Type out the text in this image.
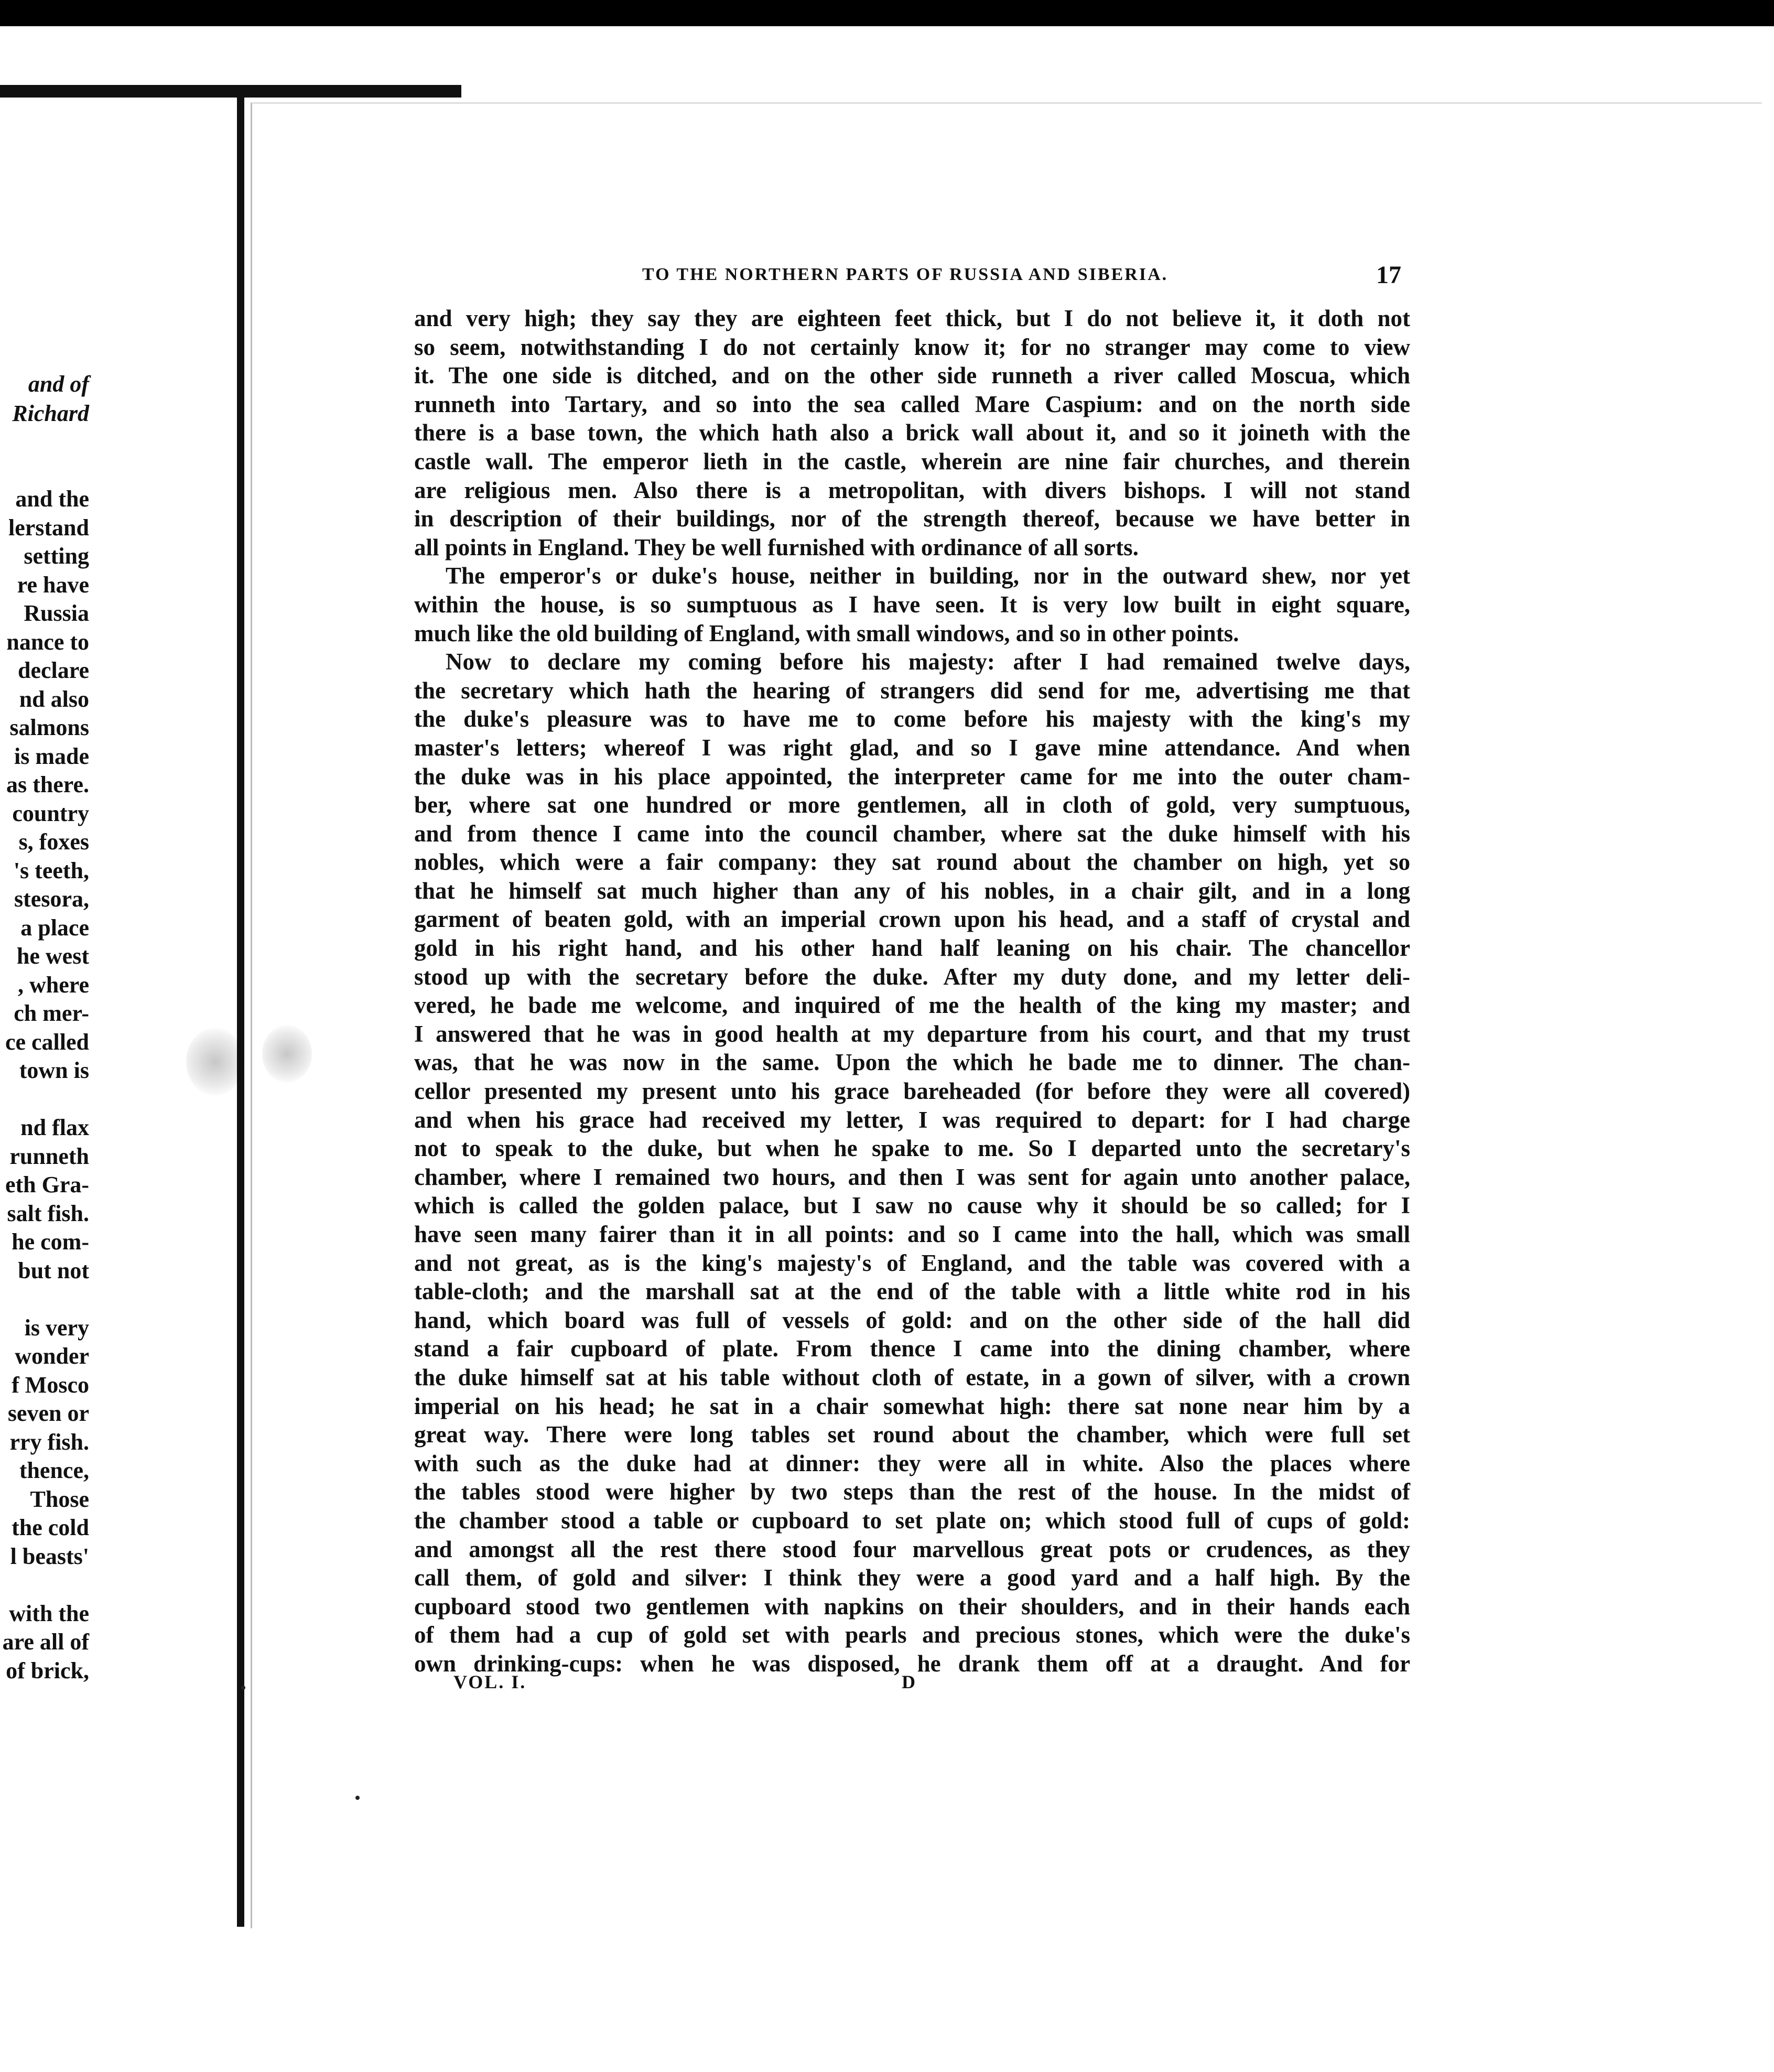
and of
Richard
and the
lerstand
setting
re have
Russia
nance to
declare
nd also
salmons
is made
as there.
country
s, foxes
's teeth,
stesora,
a place
he west
, where
ch mer-
ce called
town is

nd flax
runneth
eth Gra-
salt fish.
he com-
but not

is very
wonder
f Mosco
seven or
rry fish.
thence,
Those
the cold
l beasts'

with the
are all of
of brick,
TO THE NORTHERN PARTS OF RUSSIA AND SIBERIA.	17
and very high; they say they are eighteen feet thick, but I do not believe it, it doth not
so seem, notwithstanding I do not certainly know it; for no stranger may come to view
it. The one side is ditched, and on the other side runneth a river called Moscua, which
runneth into Tartary, and so into the sea called Mare Caspium: and on the north side
there is a base town, the which hath also a brick wall about it, and so it joineth with the
castle wall. The emperor lieth in the castle, wherein are nine fair churches, and therein
are religious men. Also there is a metropolitan, with divers bishops. I will not stand
in description of their buildings, nor of the strength thereof, because we have better in
all points in England. They be well furnished with ordinance of all sorts.
The emperor's or duke's house, neither in building, nor in the outward shew, nor yet
within the house, is so sumptuous as I have seen. It is very low built in eight square,
much like the old building of England, with small windows, and so in other points.
Now to declare my coming before his majesty: after I had remained twelve days,
the secretary which hath the hearing of strangers did send for me, advertising me that
the duke's pleasure was to have me to come before his majesty with the king's my
master's letters; whereof I was right glad, and so I gave mine attendance. And when
the duke was in his place appointed, the interpreter came for me into the outer cham-
ber, where sat one hundred or more gentlemen, all in cloth of gold, very sumptuous,
and from thence I came into the council chamber, where sat the duke himself with his
nobles, which were a fair company: they sat round about the chamber on high, yet so
that he himself sat much higher than any of his nobles, in a chair gilt, and in a long
garment of beaten gold, with an imperial crown upon his head, and a staff of crystal and
gold in his right hand, and his other hand half leaning on his chair. The chancellor
stood up with the secretary before the duke. After my duty done, and my letter deli-
vered, he bade me welcome, and inquired of me the health of the king my master; and
I answered that he was in good health at my departure from his court, and that my trust
was, that he was now in the same. Upon the which he bade me to dinner. The chan-
cellor presented my present unto his grace bareheaded (for before they were all covered)
and when his grace had received my letter, I was required to depart: for I had charge
not to speak to the duke, but when he spake to me. So I departed unto the secretary's
chamber, where I remained two hours, and then I was sent for again unto another palace,
which is called the golden palace, but I saw no cause why it should be so called; for I
have seen many fairer than it in all points: and so I came into the hall, which was small
and not great, as is the king's majesty's of England, and the table was covered with a
table-cloth; and the marshall sat at the end of the table with a little white rod in his
hand, which board was full of vessels of gold: and on the other side of the hall did
stand a fair cupboard of plate. From thence I came into the dining chamber, where
the duke himself sat at his table without cloth of estate, in a gown of silver, with a crown
imperial on his head; he sat in a chair somewhat high: there sat none near him by a
great way. There were long tables set round about the chamber, which were full set
with such as the duke had at dinner: they were all in white. Also the places where
the tables stood were higher by two steps than the rest of the house. In the midst of
the chamber stood a table or cupboard to set plate on; which stood full of cups of gold:
and amongst all the rest there stood four marvellous great pots or crudences, as they
call them, of gold and silver: I think they were a good yard and a half high. By the
cupboard stood two gentlemen with napkins on their shoulders, and in their hands each
of them had a cup of gold set with pearls and precious stones, which were the duke's
own drinking-cups: when he was disposed, he drank them off at a draught. And for
VOL. I.	D
